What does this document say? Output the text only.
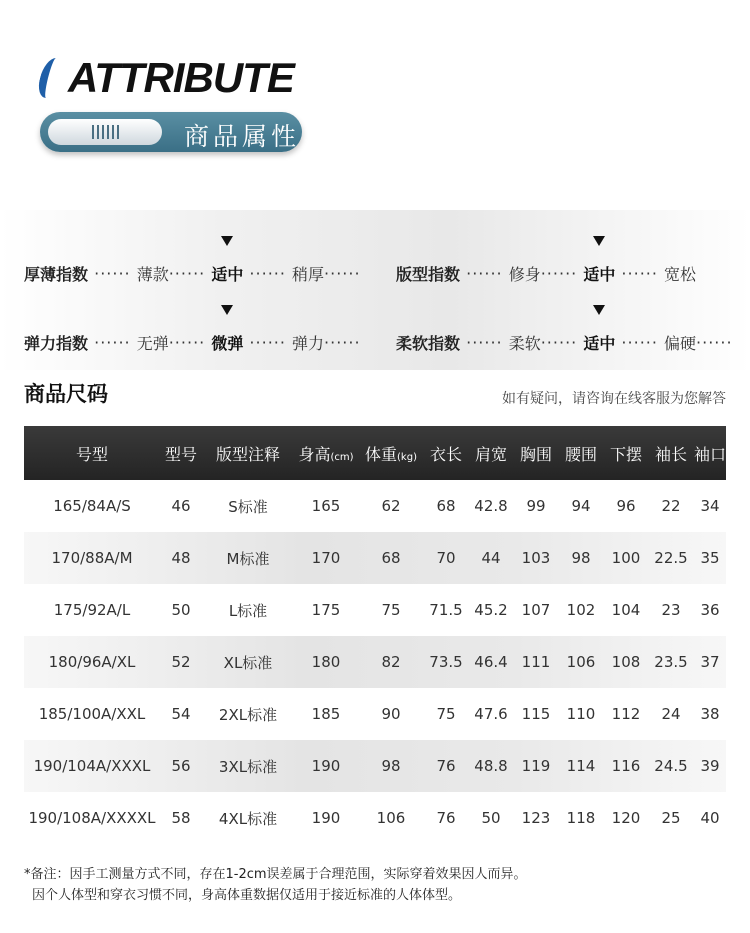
ATTRIBUTE
商品属性
厚薄指数 ······ 薄款 ······ 适中 ······ 稍厚 ······ 版型指数 ······ 修身 ······ 适中 ······ 宽松
弹力指数 ······ 无弹 ······ 微弹 ······ 弹力 ······ 柔软指数 ······ 柔软 ······ 适中 ······ 偏硬 ······
商品尺码	如有疑问，请咨询在线客服为您解答
号型	型号	版型注释	身高(cm)	体重(kg)	衣长	肩宽	胸围	腰围	下摆	袖长	袖口
165/84A/S	46	S标准	165	62	68	42.8	99	94	96	22	34
170/88A/M	48	M标准	170	68	70	44	103	98	100	22.5	35
175/92A/L	50	L标准	175	75	71.5	45.2	107	102	104	23	36
180/96A/XL	52	XL标准	180	82	73.5	46.4	111	106	108	23.5	37
185/100A/XXL	54	2XL标准	185	90	75	47.6	115	110	112	24	38
190/104A/XXXL	56	3XL标准	190	98	76	48.8	119	114	116	24.5	39
190/108A/XXXXL	58	4XL标准	190	106	76	50	123	118	120	25	40
*备注：因手工测量方式不同，存在1-2cm误差属于合理范围，实际穿着效果因人而异。
因个人体型和穿衣习惯不同，身高体重数据仅适用于接近标准的人体体型。
